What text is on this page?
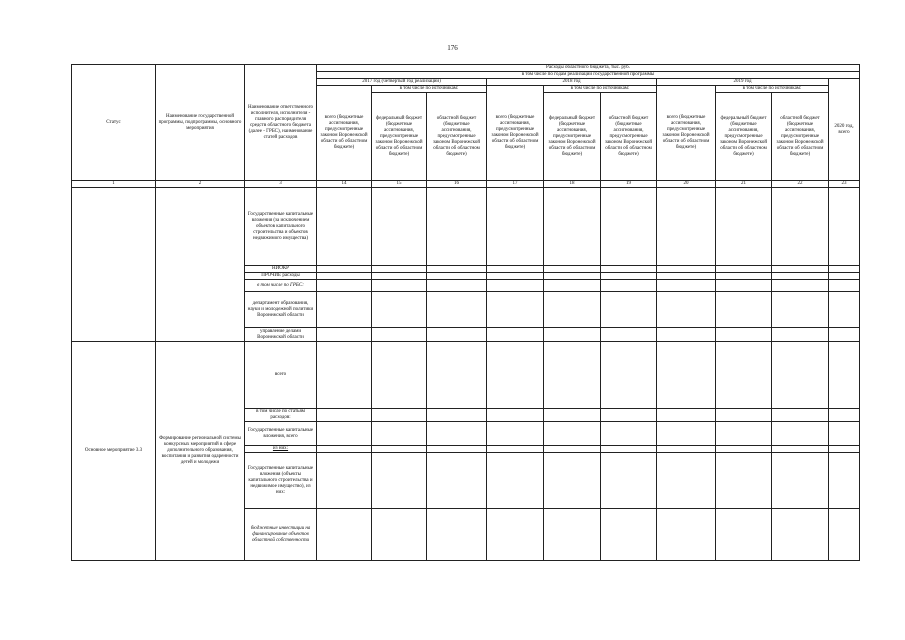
176
Статус	Наименование государственной программы, подпрограммы, основного мероприятия	Наименование ответственного исполнителя, исполнителя - главного распорядителя средств областного бюджета (далее - ГРБС), наименование статей расходов	Расходы областного бюджета, тыс. руб.									
			в том числе по годам реализации государственной программы									
			2017 год (четвертый год реализации)			2018 год			2019 год			2020 год, всего
			всего (бюджетные ассигнования, предусмотренные законом Воронежской области об областном бюджете)	в том числе по источникам:		всего (бюджетные ассигнования, предусмотренные законом Воронежской области об областном бюджете)	в том числе по источникам:		всего (бюджетные ассигнования, предусмотренные законом Воронежской области об областном бюджете)	в том числе по источникам:		
				федеральный бюджет (бюджетные ассигнования, предусмотренные законом Воронежской области об областном бюджете)	областной бюджет (бюджетные ассигнования, предусмотренные законом Воронежской области об областном бюджете)		федеральный бюджет (бюджетные ассигнования, предусмотренные законом Воронежской области об областном бюджете)	областной бюджет (бюджетные ассигнования, предусмотренные законом Воронежской области об областном бюджете)		федеральный бюджет (бюджетные ассигнования, предусмотренные законом Воронежской области об областном бюджете)	областной бюджет (бюджетные ассигнования, предусмотренные законом Воронежской области об областном бюджете)	
1	2	3	14	15	16	17	18	19	20	21	22	23
		Государственные капитальные вложения (за исключением объектов капитального строительства и объектов недвижимого имущества)										
		НИОКР										
		ПРОЧИЕ расходы										
		в том числе по ГРБС:										
		департамент образования, науки и молодежной политики Воронежской области										
		управление делами Воронежской области										
Основное мероприятие 3.3	Формирование региональной системы конкурсных мероприятий в сфере дополнительного образования, воспитания и развития одаренности детей и молодежи	всего										
		в том числе по статьям расходов:										
		Государственные капитальные вложения, всего										
		из них:										
		Государственные капитальные вложения (объекты капитального строительства и недвижимое имущество), из них:										
		бюджетные инвестиции на финансирование объектов областной собственности										
